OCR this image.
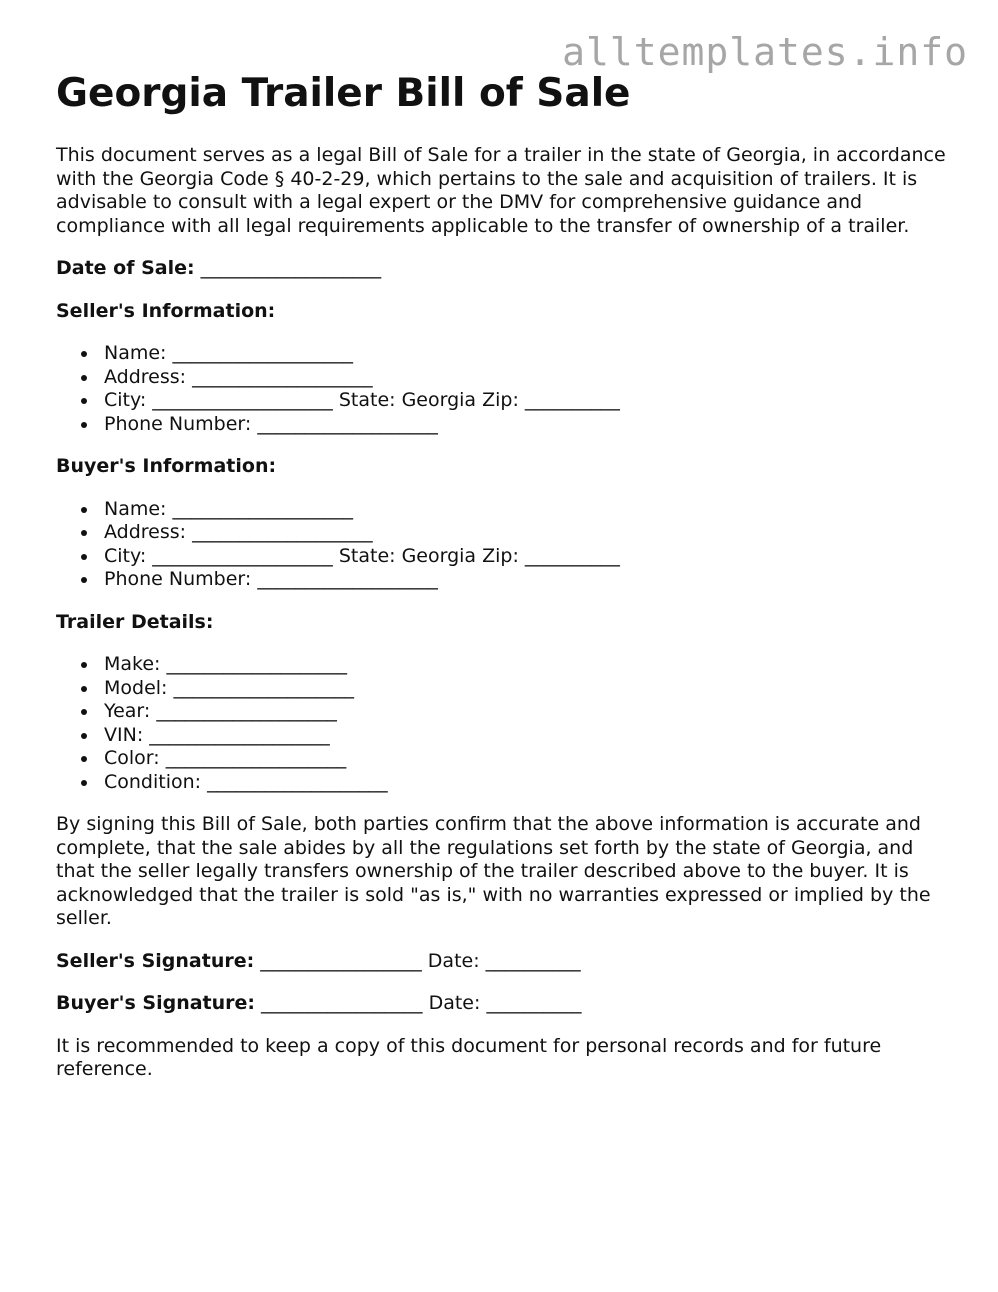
alltemplates.info
Georgia Trailer Bill of Sale

This document serves as a legal Bill of Sale for a trailer in the state of Georgia, in accordance with the Georgia Code § 40-2-29, which pertains to the sale and acquisition of trailers. It is advisable to consult with a legal expert or the DMV for comprehensive guidance and compliance with all legal requirements applicable to the transfer of ownership of a trailer.

Date of Sale: ___________________
Seller's Information:
Name: ___________________
Address: ___________________
City: ___________________ State: Georgia Zip: __________
Phone Number: ___________________
Buyer's Information:
Name: ___________________
Address: ___________________
City: ___________________ State: Georgia Zip: __________
Phone Number: ___________________
Trailer Details:
Make: ___________________
Model: ___________________
Year: ___________________
VIN: ___________________
Color: ___________________
Condition: ___________________

By signing this Bill of Sale, both parties confirm that the above information is accurate and complete, that the sale abides by all the regulations set forth by the state of Georgia, and that the seller legally transfers ownership of the trailer described above to the buyer. It is acknowledged that the trailer is sold "as is," with no warranties expressed or implied by the seller.

Seller's Signature: _________________ Date: __________
Buyer's Signature: _________________ Date: __________

It is recommended to keep a copy of this document for personal records and for future reference.
